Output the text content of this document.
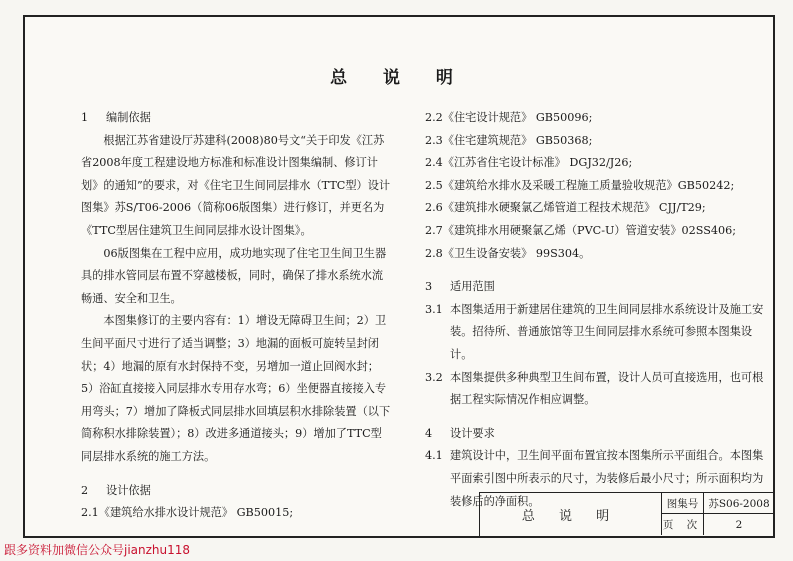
总 说 明
1	编制依据

根据江苏省建设厅苏建科(2008)80号文“关于印发《江苏省2008年度工程建设地方标准和标准设计图集编制、修订计划》的通知”的要求，对《住宅卫生间同层排水（TTC型）设计图集》苏S/T06-2006（简称06版图集）进行修订，并更名为《TTC型居住建筑卫生间同层排水设计图集》。

06版图集在工程中应用，成功地实现了住宅卫生间卫生器具的排水管同层布置不穿越楼板，同时，确保了排水系统水流畅通、安全和卫生。

本图集修订的主要内容有：1）增设无障碍卫生间；2）卫生间平面尺寸进行了适当调整；3）地漏的面板可旋转呈封闭状；4）地漏的原有水封保持不变，另增加一道止回阀水封；5）浴缸直接接入同层排水专用存水弯；6）坐便器直接接入专用弯头；7）增加了降板式同层排水回填层积水排除装置（以下简称积水排除装置）；8）改进多通道接头；9）增加了TTC型同层排水系统的施工方法。

2	设计依据

2.1《建筑给水排水设计规范》 GB50015;

2.2《住宅设计规范》 GB50096;

2.3《住宅建筑规范》 GB50368;

2.4《江苏省住宅设计标准》 DGJ32/J26;

2.5《建筑给水排水及采暖工程施工质量验收规范》GB50242;

2.6《建筑排水硬聚氯乙烯管道工程技术规范》 CJJ/T29;

2.7《建筑排水用硬聚氯乙烯（PVC-U）管道安装》02SS406;

2.8《卫生设备安装》 99S304。

3	适用范围
3.1 本图集适用于新建居住建筑的卫生间同层排水系统设计及施工安装。招待所、普通旅馆等卫生间同层排水系统可参照本图集设计。
3.2 本图集提供多种典型卫生间布置，设计人员可直接选用，也可根据工程实际情况作相应调整。
4	设计要求
4.1 建筑设计中，卫生间平面布置宜按本图集所示平面组合。本图集平面索引图中所表示的尺寸，为装修后最小尺寸；所示面积均为装修后的净面积。
总 说 明
图集号 苏S06-2008
页 次	2
跟多资料加微信公众号jianzhu118
